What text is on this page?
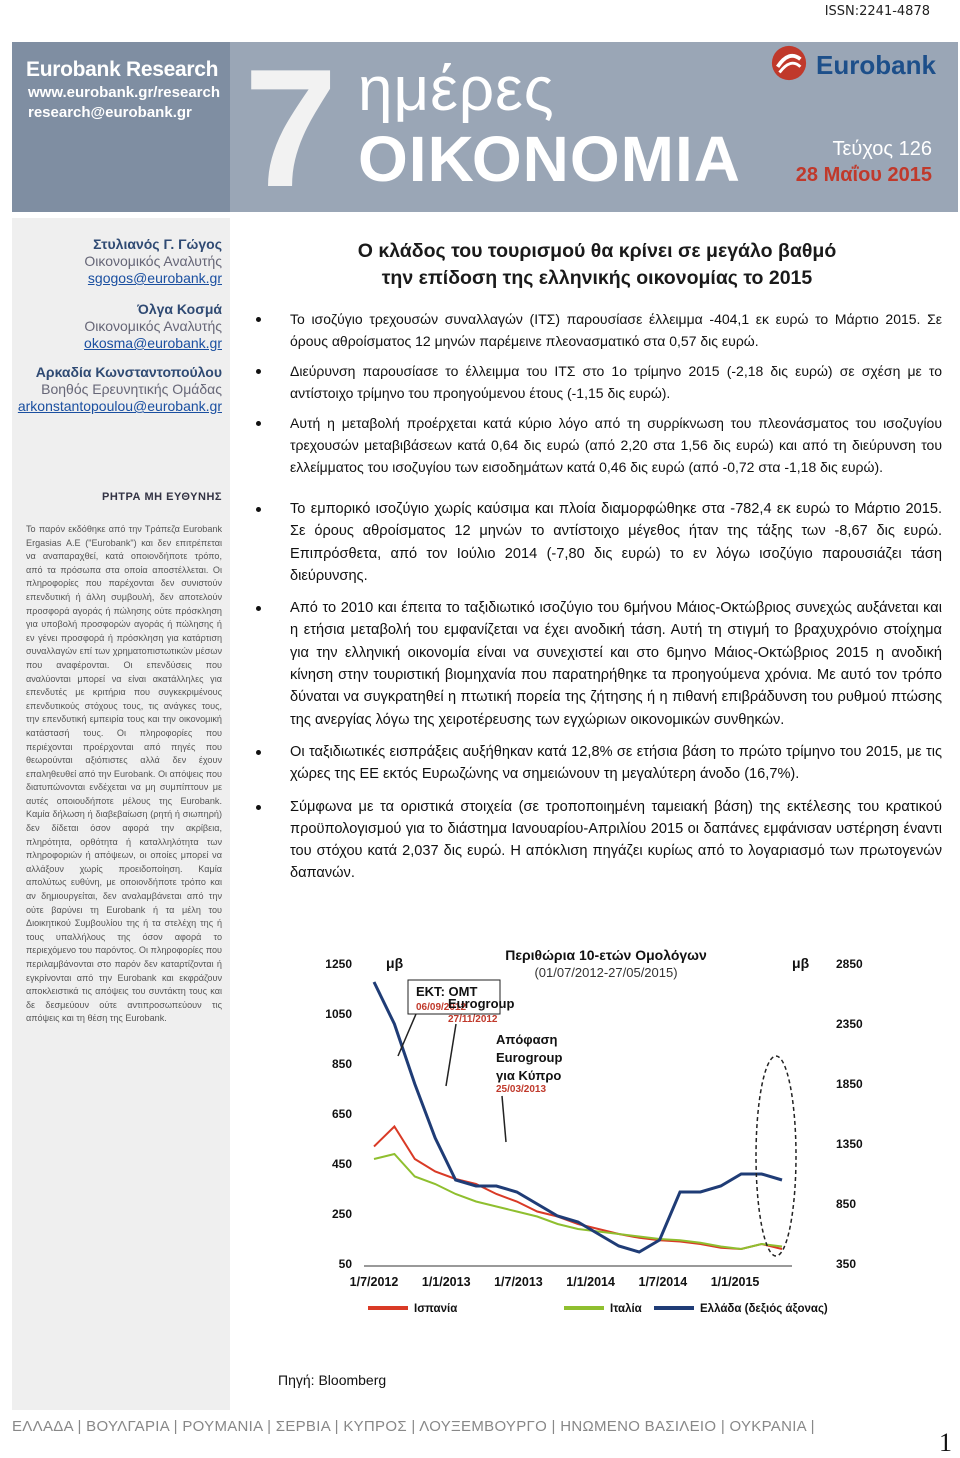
ISSN:2241-4878
Eurobank Research
www.eurobank.gr/research
research@eurobank.gr 7 ημέρες
ΟΙΚΟΝΟΜΙΑ
Eurobank
Τεύχος 126
28 Μαΐου 2015
Στυλιανός Γ. Γώγος
Οικονομικός Αναλυτής
sgogos@eurobank.gr
Όλγα Κοσμά
Οικονομικός Αναλυτής
okosma@eurobank.gr
Αρκαδία Κωνσταντοπούλου
Βοηθός Ερευνητικής Ομάδας
arkonstantopoulou@eurobank.gr
ΡΗΤΡΑ ΜΗ ΕΥΘΥΝΗΣ
Το παρόν εκδόθηκε από την Τράπεζα Eurobank Ergasias Α.Ε ("Eurobank") και δεν επιτρέπεται να αναπαραχθεί, κατά οποιονδήποτε τρόπο, από τα πρόσωπα στα οποία αποστέλλεται. Οι πληροφορίες που παρέχονται δεν συνιστούν επενδυτική ή άλλη συμβουλή, δεν αποτελούν προσφορά αγοράς ή πώλησης ούτε πρόσκληση για υποβολή προσφορών αγοράς ή πώλησης ή εν γένει προσφορά ή πρόσκληση για κατάρτιση συναλλαγών επί των χρηματοπιστωτικών μέσων που αναφέρονται. Οι επενδύσεις που αναλύονται μπορεί να είναι ακατάλληλες για επενδυτές με κριτήρια που συγκεκριμένους επενδυτικούς στόχους τους, τις ανάγκες τους, την επενδυτική εμπειρία τους και την οικονομική κατάστασή τους. Οι πληροφορίες που περιέχονται προέρχονται από πηγές που θεωρούνται αξιόπιστες αλλά δεν έχουν επαληθευθεί από την Eurobank. Οι απόψεις που διατυπώνονται ενδέχεται να μη συμπίπτουν με αυτές οποιουδήποτε μέλους της Eurobank. Καμία δήλωση ή διαβεβαίωση (ρητή ή σιωπηρή) δεν δίδεται όσον αφορά την ακρίβεια, πληρότητα, ορθότητα ή καταλληλότητα των πληροφοριών ή απόψεων, οι οποίες μπορεί να αλλάξουν χωρίς προειδοποίηση. Καμία απολύτως ευθύνη, με οποιονδήποτε τρόπο και αν δημιουργείται, δεν αναλαμβάνεται από την ούτε βαρύνει τη Eurobank ή τα μέλη του Διοικητικού Συμβουλίου της ή τα στελέχη της ή τους υπαλλήλους της όσον αφορά το περιεχόμενο του παρόντος. Οι πληροφορίες που περιλαμβάνονται στο παρόν δεν καταρτίζονται ή εγκρίνονται από την Eurobank και εκφράζουν αποκλειστικά τις απόψεις του συντάκτη τους και δε δεσμεύουν ούτε αντιπροσωπεύουν τις απόψεις και τη θέση της Eurobank.
Ο κλάδος του τουρισμού θα κρίνει σε μεγάλο βαθμό
την επίδοση της ελληνικής οικονομίας το 2015
Το ισοζύγιο τρεχουσών συναλλαγών (ΙΤΣ) παρουσίασε έλλειμμα -404,1 εκ ευρώ το Μάρτιο 2015. Σε όρους αθροίσματος 12 μηνών παρέμεινε πλεονασματικό στα 0,57 δις ευρώ.
Διεύρυνση παρουσίασε το έλλειμμα του ΙΤΣ στο 1ο τρίμηνο 2015 (-2,18 δις ευρώ) σε σχέση με το αντίστοιχο τρίμηνο του προηγούμενου έτους (-1,15 δις ευρώ).
Αυτή η μεταβολή προέρχεται κατά κύριο λόγο από τη συρρίκνωση του πλεονάσματος του ισοζυγίου τρεχουσών μεταβιβάσεων κατά 0,64 δις ευρώ (από 2,20 στα 1,56 δις ευρώ) και από τη διεύρυνση του ελλείμματος του ισοζυγίου των εισοδημάτων κατά 0,46 δις ευρώ (από -0,72 στα -1,18 δις ευρώ).
Το εμπορικό ισοζύγιο χωρίς καύσιμα και πλοία διαμορφώθηκε στα -782,4 εκ ευρώ το Μάρτιο 2015. Σε όρους αθροίσματος 12 μηνών το αντίστοιχο μέγεθος ήταν της τάξης των -8,67 δις ευρώ. Επιπρόσθετα, από τον Ιούλιο 2014 (-7,80 δις ευρώ) το εν λόγω ισοζύγιο παρουσιάζει τάση διεύρυνσης.
Από το 2010 και έπειτα το ταξιδιωτικό ισοζύγιο του 6μήνου Μάιος-Οκτώβριος συνεχώς αυξάνεται και η ετήσια μεταβολή του εμφανίζεται να έχει ανοδική τάση. Αυτή τη στιγμή το βραχυχρόνιο στοίχημα για την ελληνική οικονομία είναι να συνεχιστεί και στο 6μηνο Μάιος-Οκτώβριος 2015 η ανοδική κίνηση στην τουριστική βιομηχανία που παρατηρήθηκε τα προηγούμενα χρόνια. Με αυτό τον τρόπο δύναται να συγκρατηθεί η πτωτική πορεία της ζήτησης ή η πιθανή επιβράδυνση του ρυθμού πτώσης της ανεργίας λόγω της χειροτέρευσης των εγχώριων οικονομικών συνθηκών.
Οι ταξιδιωτικές εισπράξεις αυξήθηκαν κατά 12,8% σε ετήσια βάση το πρώτο τρίμηνο του 2015, με τις χώρες της ΕΕ εκτός Ευρωζώνης να σημειώνουν τη μεγαλύτερη άνοδο (16,7%).
Σύμφωνα με τα οριστικά στοιχεία (σε τροποποιημένη ταμειακή βάση) της εκτέλεσης του κρατικού προϋπολογισμού για το διάστημα Ιανουαρίου-Απριλίου 2015 οι δαπάνες εμφάνισαν υστέρηση έναντι του στόχου κατά 2,037 δις ευρώ. Η απόκλιση πηγάζει κυρίως από το λογαριασμό των πρωτογενών δαπανών.
Περιθώρια 10-ετών Ομολόγων
(01/07/2012-27/05/2015)
μβ	μβ
1250
1050
850
650
450
250
50
2850
2350
1850
1350
850
350
1/7/2012 1/1/2013 1/7/2013 1/1/2014 1/7/2014 1/1/2015
ΕΚΤ: ΟΜΤ
06/09/2012
Eurogroup
27/11/2012
Απόφαση
Eurogroup
για Κύπρο
25/03/2013
Ισπανία	Ιταλία	Ελλάδα (δεξιός άξονας)
Πηγή: Bloomberg
ΕΛΛΑΔΑ | ΒΟΥΛΓΑΡΙΑ | ΡΟΥΜΑΝΙΑ | ΣΕΡΒΙΑ | ΚΥΠΡΟΣ | ΛΟΥΞΕΜΒΟΥΡΓΟ | ΗΝΩΜΕΝΟ ΒΑΣΙΛΕΙΟ | ΟΥΚΡΑΝΙΑ |
1
